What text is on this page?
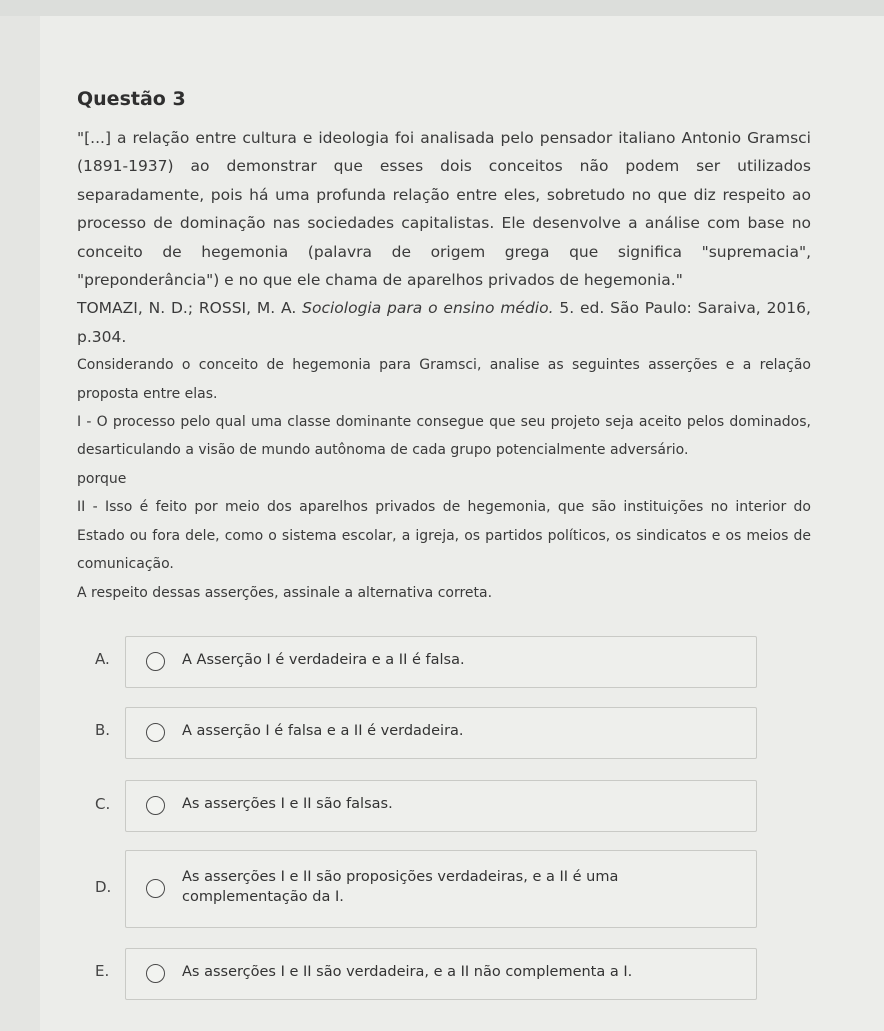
Questão 3

"[...] a relação entre cultura e ideologia foi analisada pelo pensador italiano Antonio Gramsci (1891-1937) ao demonstrar que esses dois conceitos não podem ser utilizados separadamente, pois há uma profunda relação entre eles, sobretudo no que diz respeito ao processo de dominação nas sociedades capitalistas. Ele desenvolve a análise com base no conceito de hegemonia (palavra de origem grega que significa "supremacia", "preponderância") e no que ele chama de aparelhos privados de hegemonia."

TOMAZI, N. D.; ROSSI, M. A. Sociologia para o ensino médio. 5. ed. São Paulo: Saraiva, 2016, p.304.

Considerando o conceito de hegemonia para Gramsci, analise as seguintes asserções e a relação proposta entre elas.

I - O processo pelo qual uma classe dominante consegue que seu projeto seja aceito pelos dominados, desarticulando a visão de mundo autônoma de cada grupo potencialmente adversário.

porque

II - Isso é feito por meio dos aparelhos privados de hegemonia, que são instituições no interior do Estado ou fora dele, como o sistema escolar, a igreja, os partidos políticos, os sindicatos e os meios de comunicação.

A respeito dessas asserções, assinale a alternativa correta.

A.	A Asserção I é verdadeira e a II é falsa.
B.	A asserção I é falsa e a II é verdadeira.
C.	As asserções I e II são falsas.
D.
As asserções I e II são proposições verdadeiras, e a II é uma complementação da I.
E.	As asserções I e II são verdadeira, e a II não complementa a I.
